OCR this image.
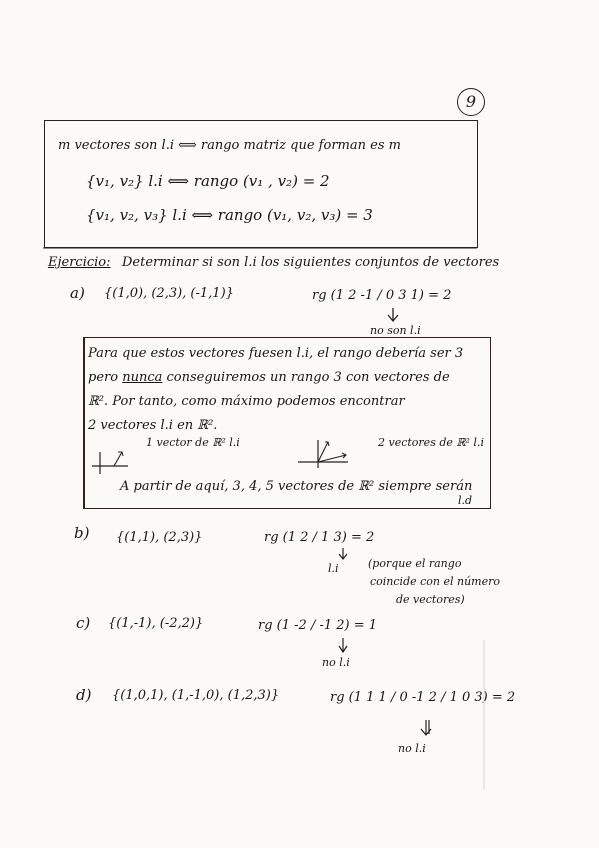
9
m vectores son l.i ⟺ rango matriz que forman es m
{v₁, v₂} l.i ⟺ rango (v₁ , v₂) = 2
{v₁, v₂, v₃} l.i ⟺ rango (v₁, v₂, v₃) = 3
Ejercicio: Determinar si son l.i los siguientes conjuntos de vectores
a) {(1,0), (2,3), (-1,1)}	rg (1 2 -1 / 0 3 1) = 2
no son l.i
Para que estos vectores fuesen l.i, el rango debería ser 3
pero nunca conseguiremos un rango 3 con vectores de
ℝ². Por tanto, como máximo podemos encontrar
2 vectores l.i en ℝ².
1 vector de ℝ² l.i	2 vectores de ℝ² l.i
A partir de aquí, 3, 4, 5 vectores de ℝ² siempre serán
l.d
b) {(1,1), (2,3)}	rg (1 2 / 1 3) = 2
l.i	(porque el rango
coincide con el número
de vectores)
c) {(1,-1), (-2,2)}	rg (1 -2 / -1 2) = 1
no l.i
d) {(1,0,1), (1,-1,0), (1,2,3)}	rg (1 1 1 / 0 -1 2 / 1 0 3) = 2
no l.i
